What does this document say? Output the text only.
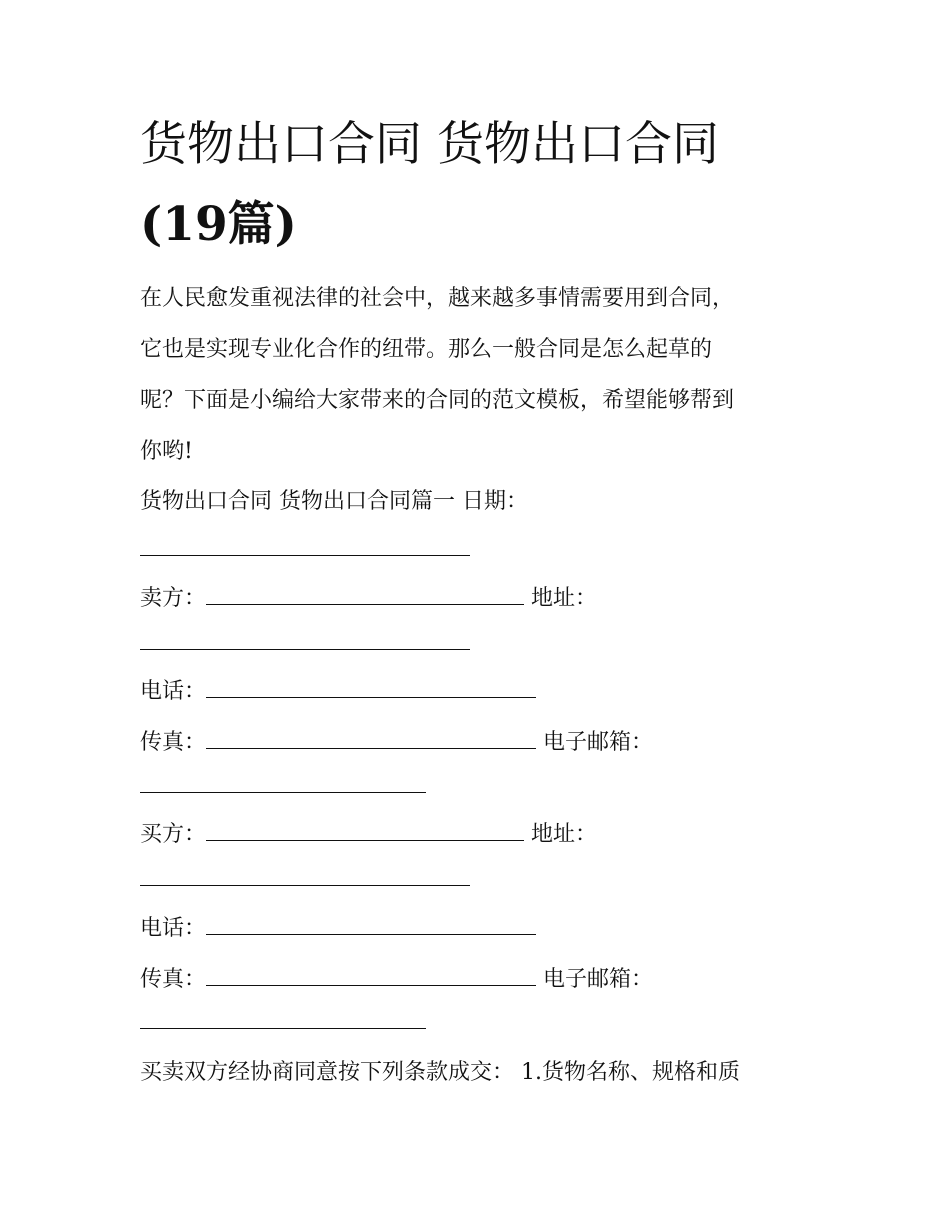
货物出口合同 货物出口合同
(19篇)
在人民愈发重视法律的社会中，越来越多事情需要用到合同，
它也是实现专业化合作的纽带。那么一般合同是怎么起草的
呢？下面是小编给大家带来的合同的范文模板，希望能够帮到
你哟!
货物出口合同 货物出口合同篇一 日期：
卖方：	地址：
电话：
传真：	电子邮箱：
买方：	地址：
电话：
传真：	电子邮箱：
买卖双方经协商同意按下列条款成交： 1.货物名称、规格和质
